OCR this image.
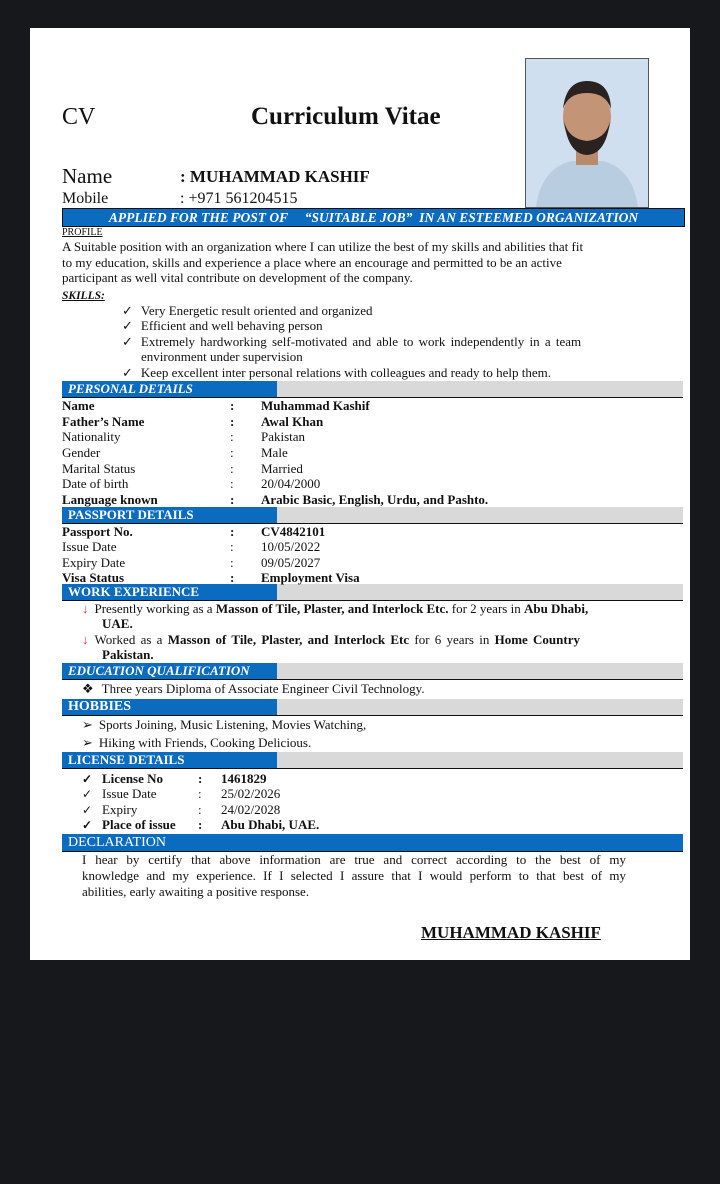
CV	Curriculum Vitae
Name	: MUHAMMAD KASHIF
Mobile	: +971 561204515
APPLIED FOR THE POST OF     “SUITABLE JOB”  IN AN ESTEEMED ORGANIZATION
PROFILE
A Suitable position with an organization where I can utilize the best of my skills and abilities that fit
to my education, skills and experience a place where an encourage and permitted to be an active
participant as well vital contribute on development of the company.
SKILLS:
✓ Very Energetic result oriented and organized
✓ Efficient and well behaving person
✓ Extremely hardworking self-motivated and able to work independently in a team
environment under supervision
✓ Keep excellent inter personal relations with colleagues and ready to help them.
PERSONAL DETAILS
PASSPORT DETAILS
WORK EXPERIENCE
↓ Presently working as a Masson of Tile, Plaster, and Interlock Etc. for 2 years in Abu Dhabi,
UAE.
↓ Worked as a Masson of Tile, Plaster, and Interlock Etc for 6 years in Home Country
Pakistan.
EDUCATION QUALIFICATION
❖ Three years Diploma of Associate Engineer Civil Technology.
HOBBIES
➢ Sports Joining, Music Listening, Movies Watching,
➢ Hiking with Friends, Cooking Delicious.
LICENSE DETAILS
DECLARATION

I hear by certify that above information are true and correct according to the best of my

knowledge and my experience. If I selected I assure that I would perform to that best of my

abilities, early awaiting a positive response.

MUHAMMAD KASHIF
Name	: Muhammad Kashif
Father’s Name	: Awal Khan
Nationality	: Pakistan
Gender	: Male
Marital Status	: Married
Date of birth	: 20/04/2000
Language known	: Arabic Basic, English, Urdu, and Pashto.
Passport No.	: CV4842101
Issue Date	: 10/05/2022
Expiry Date	: 09/05/2027
Visa Status	: Employment Visa
✓ License No	: 1461829
✓ Issue Date	: 25/02/2026
✓ Expiry	: 24/02/2028
✓ Place of issue : Abu Dhabi, UAE.
